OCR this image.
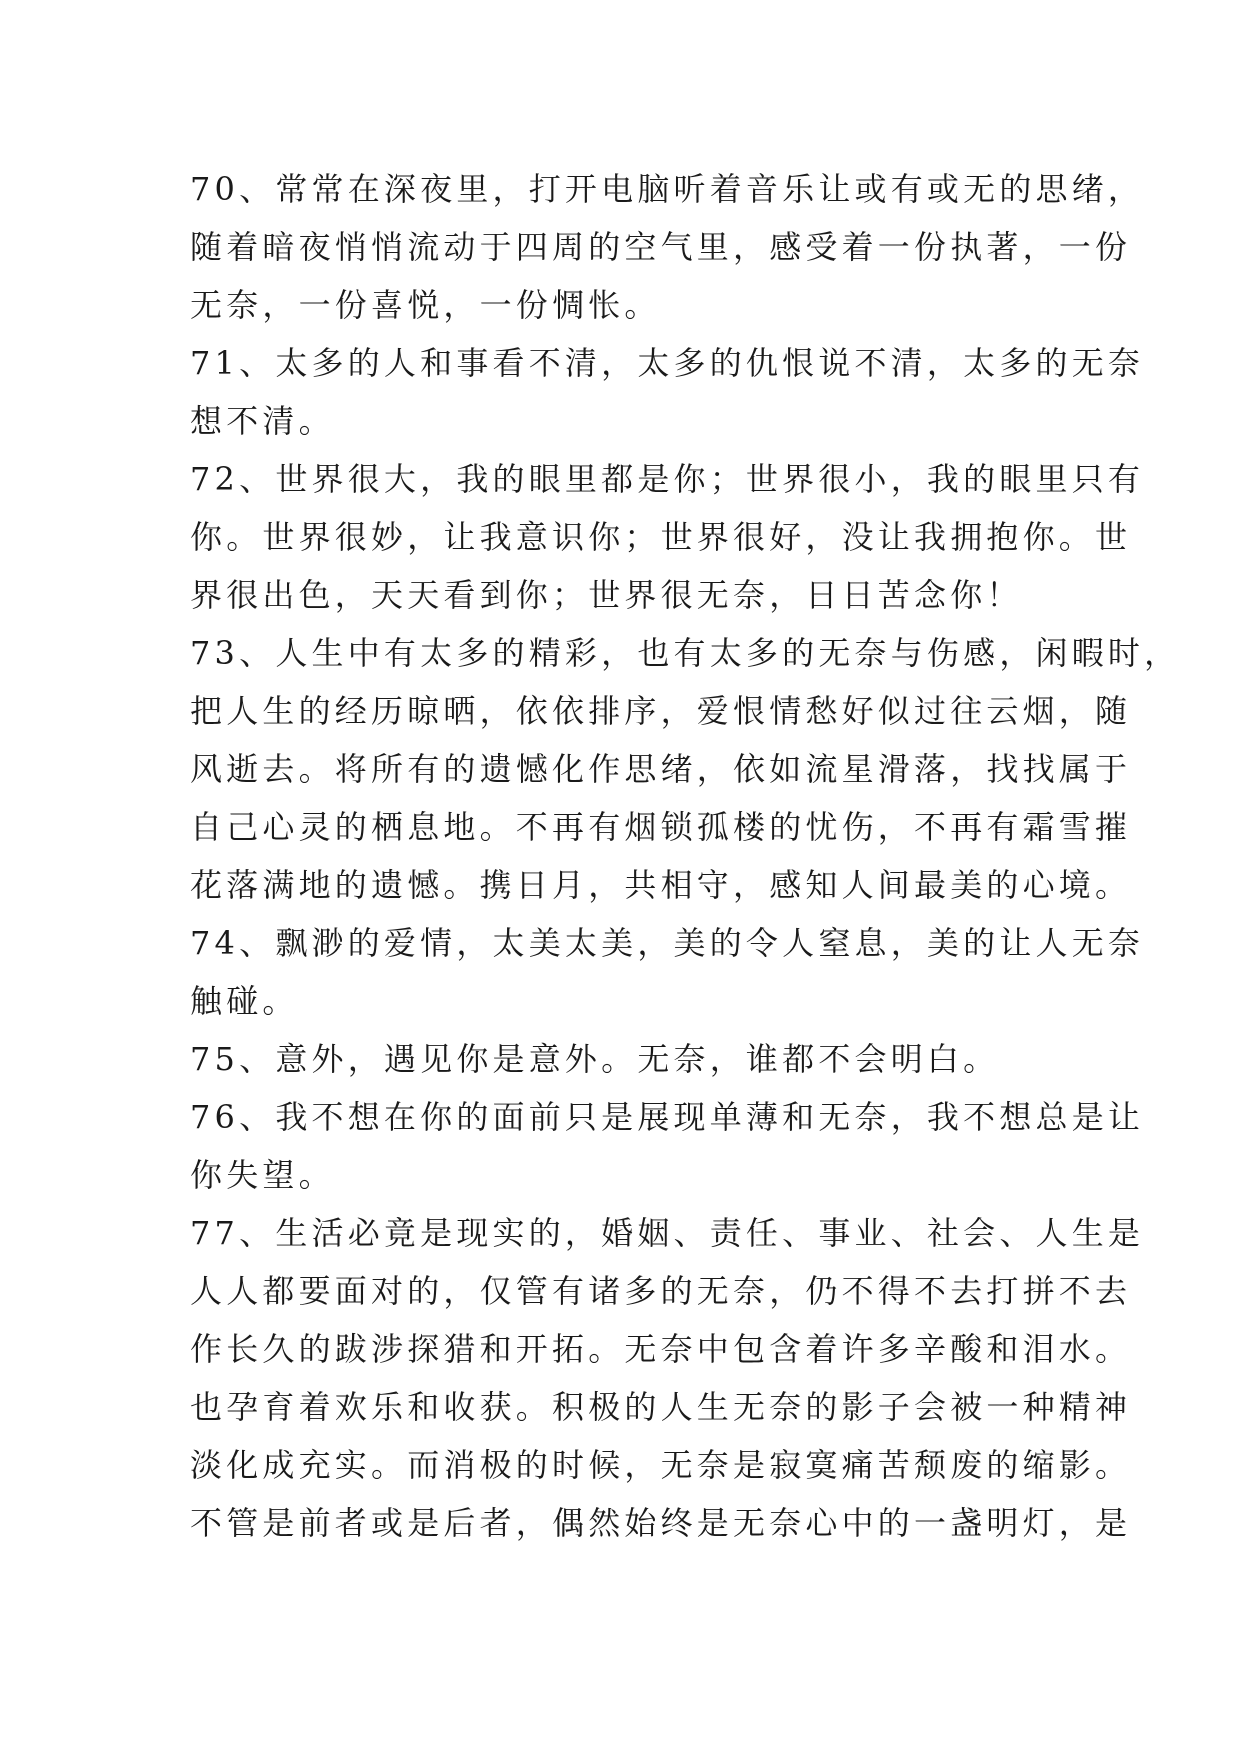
70、常常在深夜里，打开电脑听着音乐让或有或无的思绪，
随着暗夜悄悄流动于四周的空气里，感受着一份执著，一份
无奈，一份喜悦，一份惆怅。
71、太多的人和事看不清，太多的仇恨说不清，太多的无奈
想不清。
72、世界很大，我的眼里都是你；世界很小，我的眼里只有
你。世界很妙，让我意识你；世界很好，没让我拥抱你。世
界很出色，天天看到你；世界很无奈，日日苦念你！
73、人生中有太多的精彩，也有太多的无奈与伤感，闲暇时，
把人生的经历晾晒，依依排序，爱恨情愁好似过往云烟，随
风逝去。将所有的遗憾化作思绪，依如流星滑落，找找属于
自己心灵的栖息地。不再有烟锁孤楼的忧伤，不再有霜雪摧
花落满地的遗憾。携日月，共相守，感知人间最美的心境。
74、飘渺的爱情，太美太美，美的令人窒息，美的让人无奈
触碰。
75、意外，遇见你是意外。无奈，谁都不会明白。
76、我不想在你的面前只是展现单薄和无奈，我不想总是让
你失望。
77、生活必竟是现实的，婚姻、责任、事业、社会、人生是
人人都要面对的，仅管有诸多的无奈，仍不得不去打拼不去
作长久的跋涉探猎和开拓。无奈中包含着许多辛酸和泪水。
也孕育着欢乐和收获。积极的人生无奈的影子会被一种精神
淡化成充实。而消极的时候，无奈是寂寞痛苦颓废的缩影。
不管是前者或是后者，偶然始终是无奈心中的一盏明灯，是
